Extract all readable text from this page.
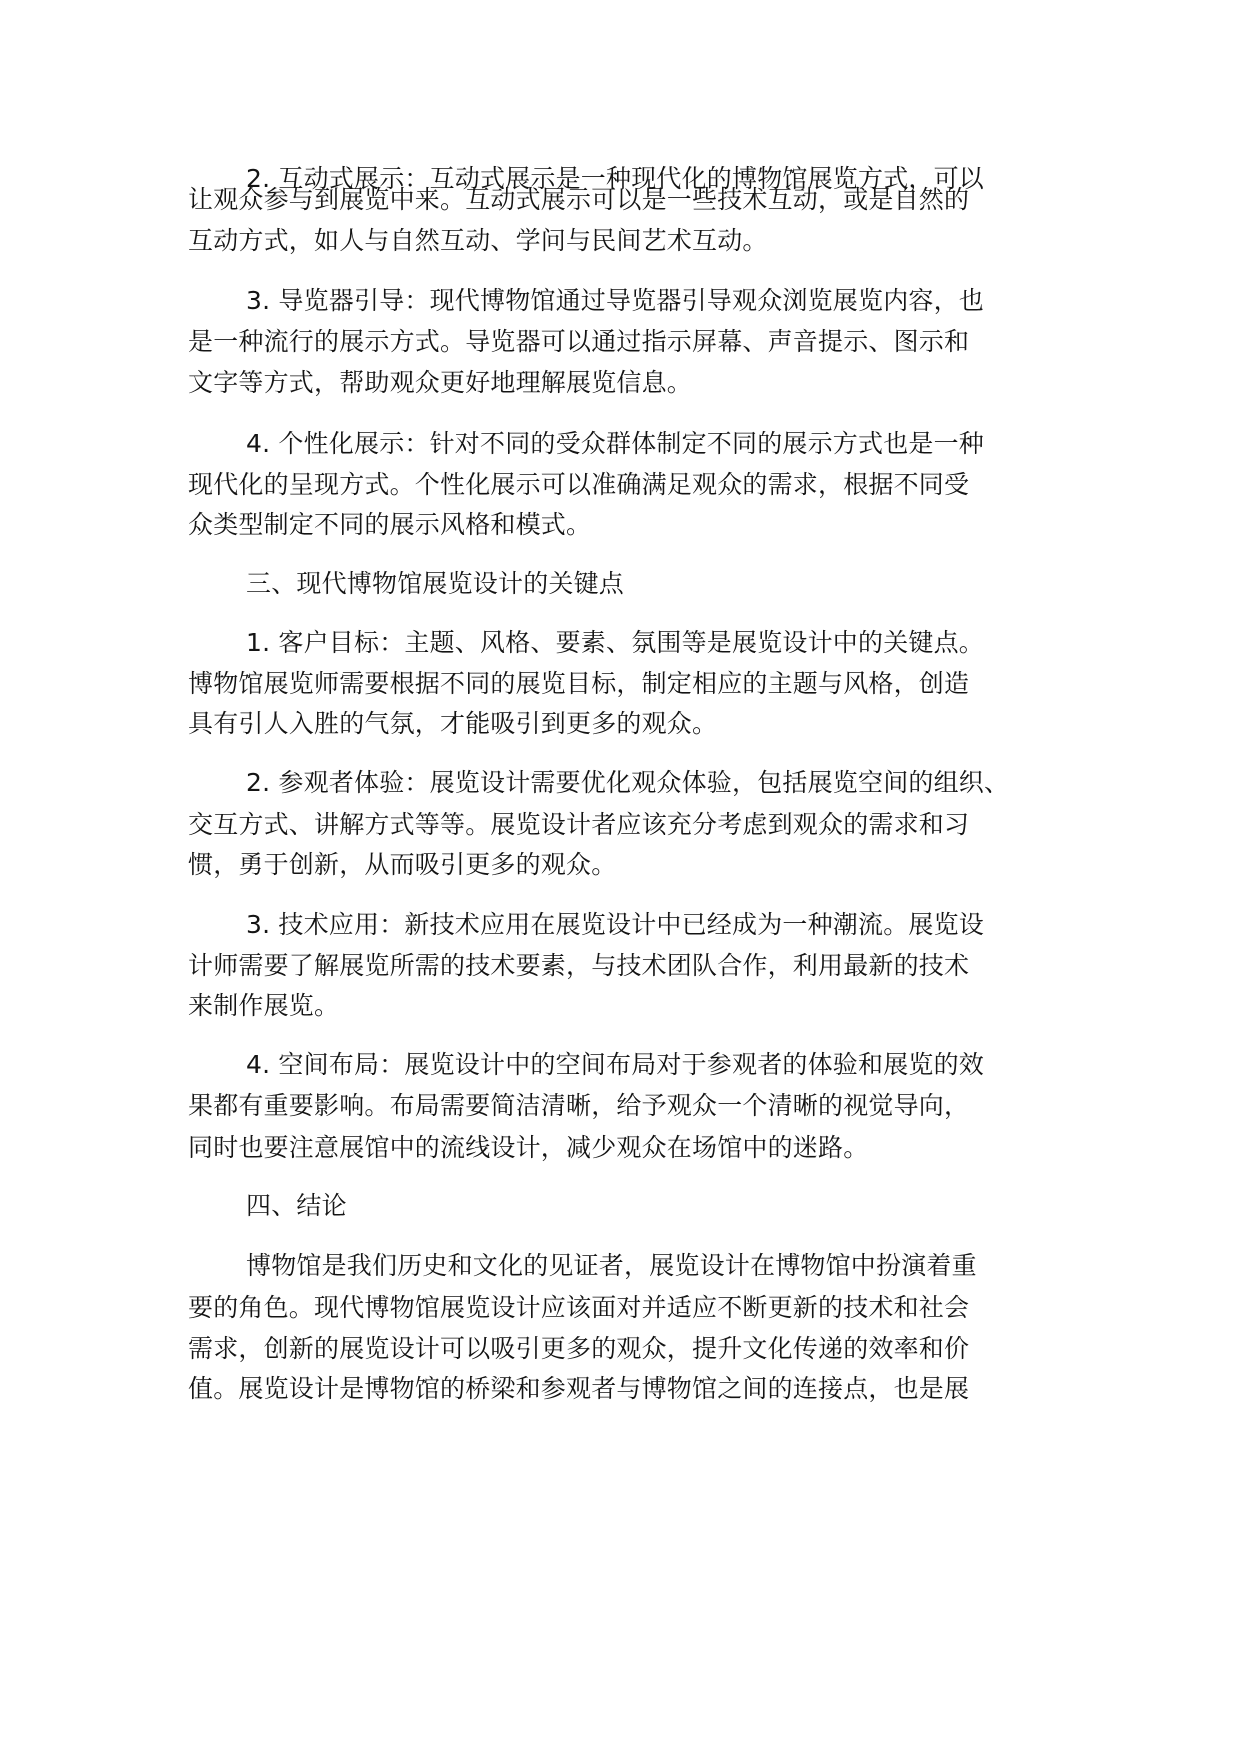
2. 互动式展示：互动式展示是一种现代化的博物馆展览方式，可以
让观众参与到展览中来。互动式展示可以是一些技术互动，或是自然的
互动方式，如人与自然互动、学问与民间艺术互动。
3. 导览器引导：现代博物馆通过导览器引导观众浏览展览内容，也
是一种流行的展示方式。导览器可以通过指示屏幕、声音提示、图示和
文字等方式，帮助观众更好地理解展览信息。
4. 个性化展示：针对不同的受众群体制定不同的展示方式也是一种
现代化的呈现方式。个性化展示可以准确满足观众的需求，根据不同受
众类型制定不同的展示风格和模式。
三、现代博物馆展览设计的关键点
1. 客户目标：主题、风格、要素、氛围等是展览设计中的关键点。
博物馆展览师需要根据不同的展览目标，制定相应的主题与风格，创造
具有引人入胜的气氛，才能吸引到更多的观众。
2. 参观者体验：展览设计需要优化观众体验，包括展览空间的组织、
交互方式、讲解方式等等。展览设计者应该充分考虑到观众的需求和习
惯，勇于创新，从而吸引更多的观众。
3. 技术应用：新技术应用在展览设计中已经成为一种潮流。展览设
计师需要了解展览所需的技术要素，与技术团队合作，利用最新的技术
来制作展览。
4. 空间布局：展览设计中的空间布局对于参观者的体验和展览的效
果都有重要影响。布局需要简洁清晰，给予观众一个清晰的视觉导向，
同时也要注意展馆中的流线设计，减少观众在场馆中的迷路。
四、结论
博物馆是我们历史和文化的见证者，展览设计在博物馆中扮演着重
要的角色。现代博物馆展览设计应该面对并适应不断更新的技术和社会
需求，创新的展览设计可以吸引更多的观众，提升文化传递的效率和价
值。展览设计是博物馆的桥梁和参观者与博物馆之间的连接点，也是展
